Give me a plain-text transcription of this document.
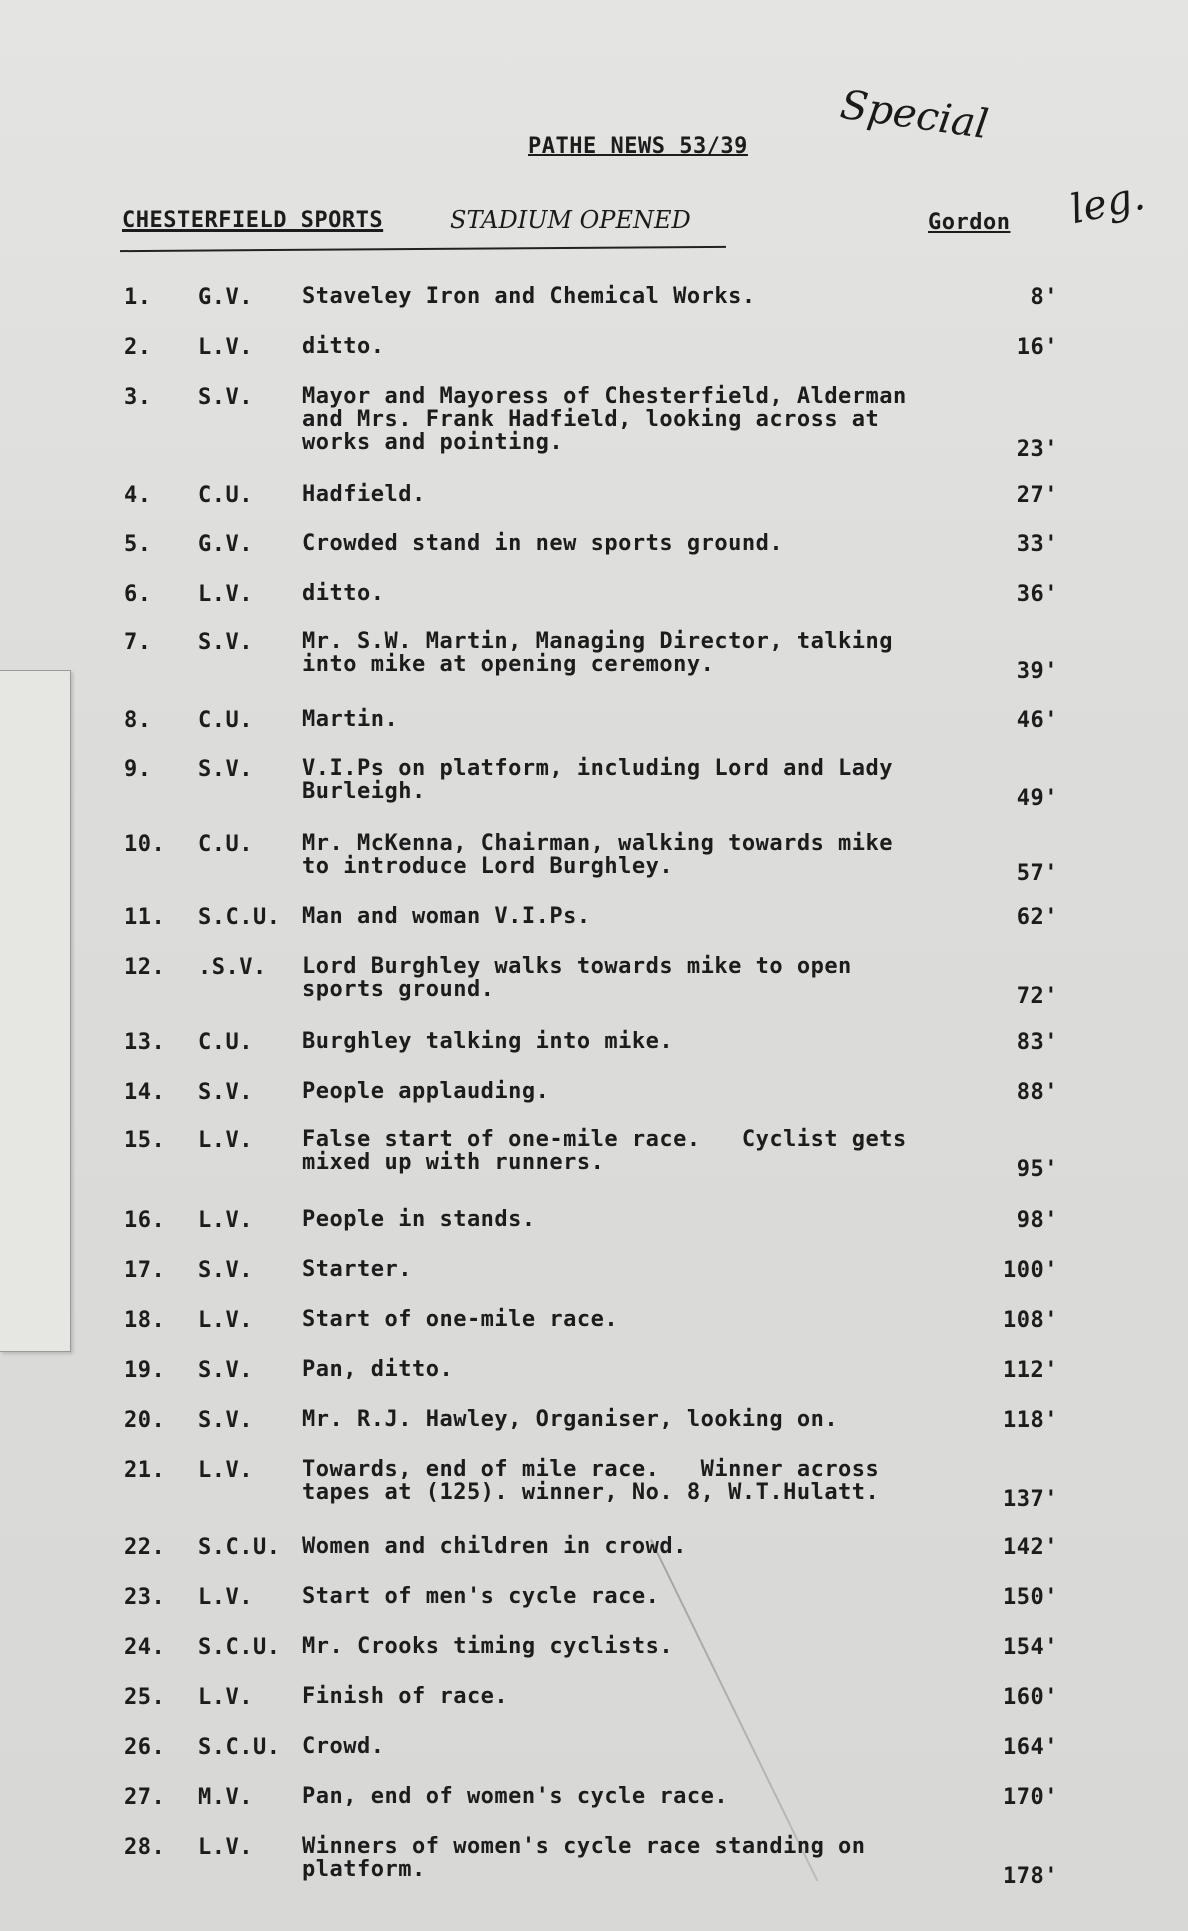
PATHE NEWS 53/39 Special
leg.
CHESTERFIELD SPORTS	STADIUM OPENED	Gordon
1. G.V. Staveley Iron and Chemical Works.	8'
2. L.V. ditto.	16'
3. S.V. Mayor and Mayoress of Chesterfield, Alderman
and Mrs. Frank Hadfield, looking across at
works and pointing.	23'
4. C.U. Hadfield.	27'
5. G.V. Crowded stand in new sports ground.	33'
6. L.V. ditto.	36'
7. S.V. Mr. S.W. Martin, Managing Director, talking
into mike at opening ceremony.	39'
8. C.U. Martin.	46'
9. S.V. V.I.Ps on platform, including Lord and Lady
Burleigh.	49'
10. C.U. Mr. McKenna, Chairman, walking towards mike
to introduce Lord Burghley.	57'
11. S.C.U. Man and woman V.I.Ps.	62'
12. .S.V. Lord Burghley walks towards mike to open
sports ground.	72'
13. C.U. Burghley talking into mike.	83'
14. S.V. People applauding.	88'
15. L.V. False start of one-mile race.   Cyclist gets
mixed up with runners.	95'
16. L.V. People in stands.	98'
17. S.V. Starter.	100'
18. L.V. Start of one-mile race.	108'
19. S.V. Pan, ditto.	112'
20. S.V. Mr. R.J. Hawley, Organiser, looking on.	118'
21. L.V. Towards, end of mile race.   Winner across
tapes at (125). winner, No. 8, W.T.Hulatt.	137'
22. S.C.U. Women and children in crowd.	142'
23. L.V. Start of men's cycle race.	150'
24. S.C.U. Mr. Crooks timing cyclists.	154'
25. L.V. Finish of race.	160'
26. S.C.U. Crowd.	164'
27. M.V. Pan, end of women's cycle race.	170'
28. L.V. Winners of women's cycle race standing on
platform.	178'
